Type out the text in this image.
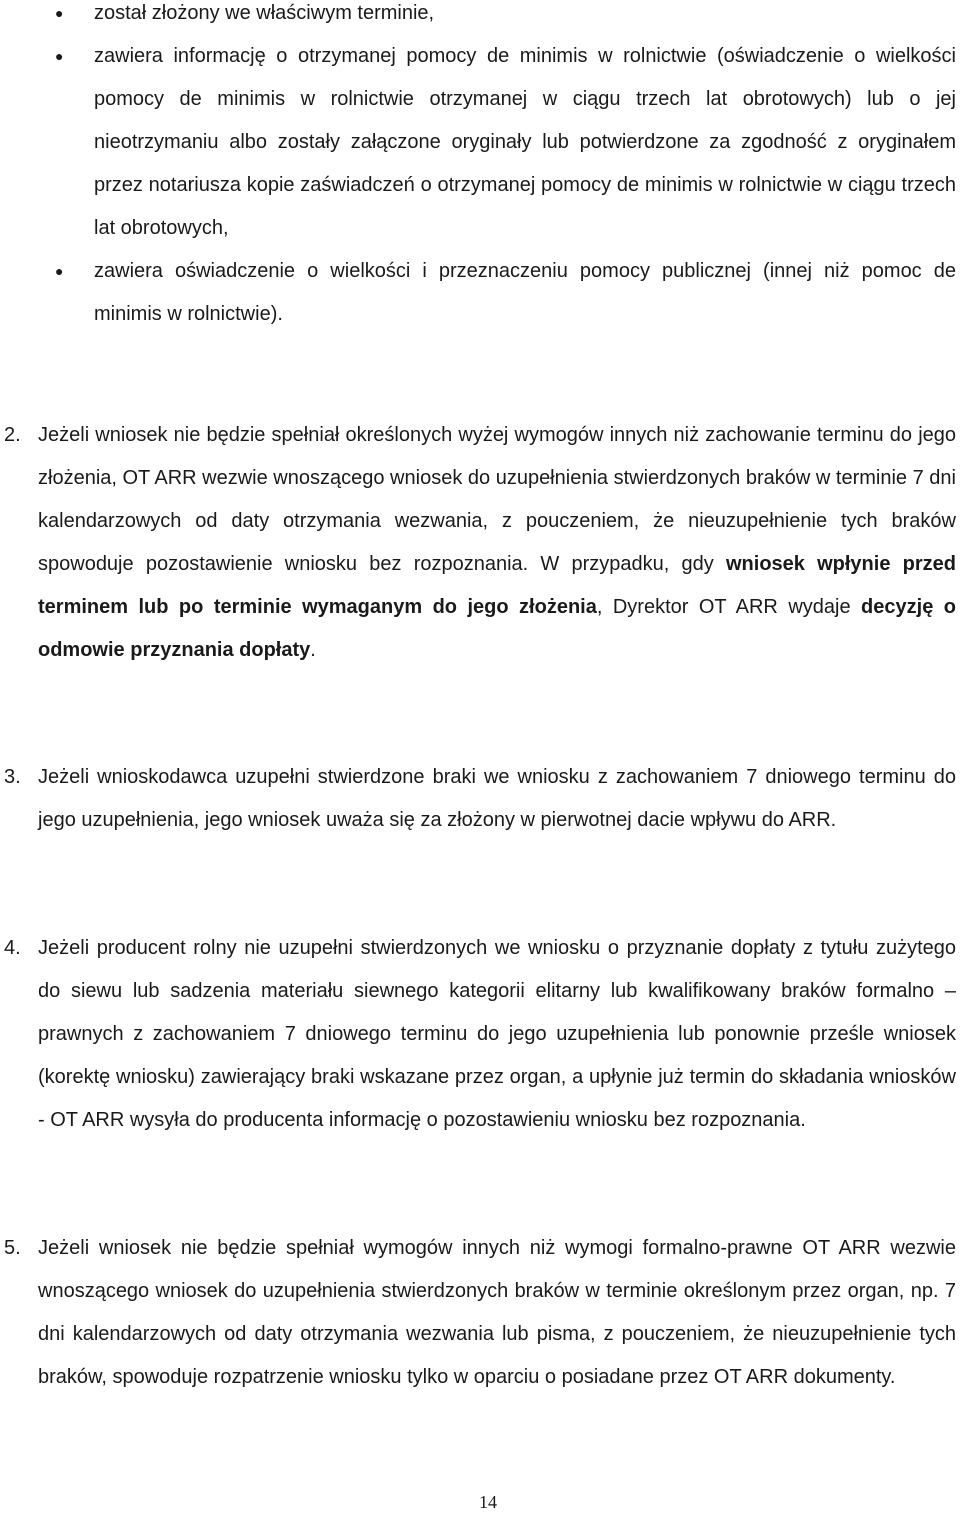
● został złożony we właściwym terminie,
● zawiera informację o otrzymanej pomocy de minimis w rolnictwie (oświadczenie o wielkości pomocy de minimis w rolnictwie otrzymanej w ciągu trzech lat obrotowych) lub o jej nieotrzymaniu albo zostały załączone oryginały lub potwierdzone za zgodność z oryginałem przez notariusza kopie zaświadczeń o otrzymanej pomocy de minimis w rolnictwie w ciągu trzech lat obrotowych,
● zawiera oświadczenie o wielkości i przeznaczeniu pomocy publicznej (innej niż pomoc de minimis w rolnictwie).
2. Jeżeli wniosek nie będzie spełniał określonych wyżej wymogów innych niż zachowanie terminu do jego złożenia, OT ARR wezwie wnoszącego wniosek do uzupełnienia stwierdzonych braków w terminie 7 dni kalendarzowych od daty otrzymania wezwania, z pouczeniem, że nieuzupełnienie tych braków spowoduje pozostawienie wniosku bez rozpoznania. W przypadku, gdy wniosek wpłynie przed terminem lub po terminie wymaganym do jego złożenia, Dyrektor OT ARR wydaje decyzję o odmowie przyznania dopłaty.
3. Jeżeli wnioskodawca uzupełni stwierdzone braki we wniosku z zachowaniem 7 dniowego terminu do jego uzupełnienia, jego wniosek uważa się za złożony w pierwotnej dacie wpływu do ARR.
4. Jeżeli producent rolny nie uzupełni stwierdzonych we wniosku o przyznanie dopłaty z tytułu zużytego do siewu lub sadzenia materiału siewnego kategorii elitarny lub kwalifikowany braków formalno – prawnych z zachowaniem 7 dniowego terminu do jego uzupełnienia lub ponownie prześle wniosek (korektę wniosku) zawierający braki wskazane przez organ, a upłynie już termin do składania wniosków - OT ARR wysyła do producenta informację o pozostawieniu wniosku bez rozpoznania.
5. Jeżeli wniosek nie będzie spełniał wymogów innych niż wymogi formalno-prawne OT ARR wezwie wnoszącego wniosek do uzupełnienia stwierdzonych braków w terminie określonym przez organ, np. 7 dni kalendarzowych od daty otrzymania wezwania lub pisma, z pouczeniem, że nieuzupełnienie tych braków, spowoduje rozpatrzenie wniosku tylko w oparciu o posiadane przez OT ARR dokumenty.
14
